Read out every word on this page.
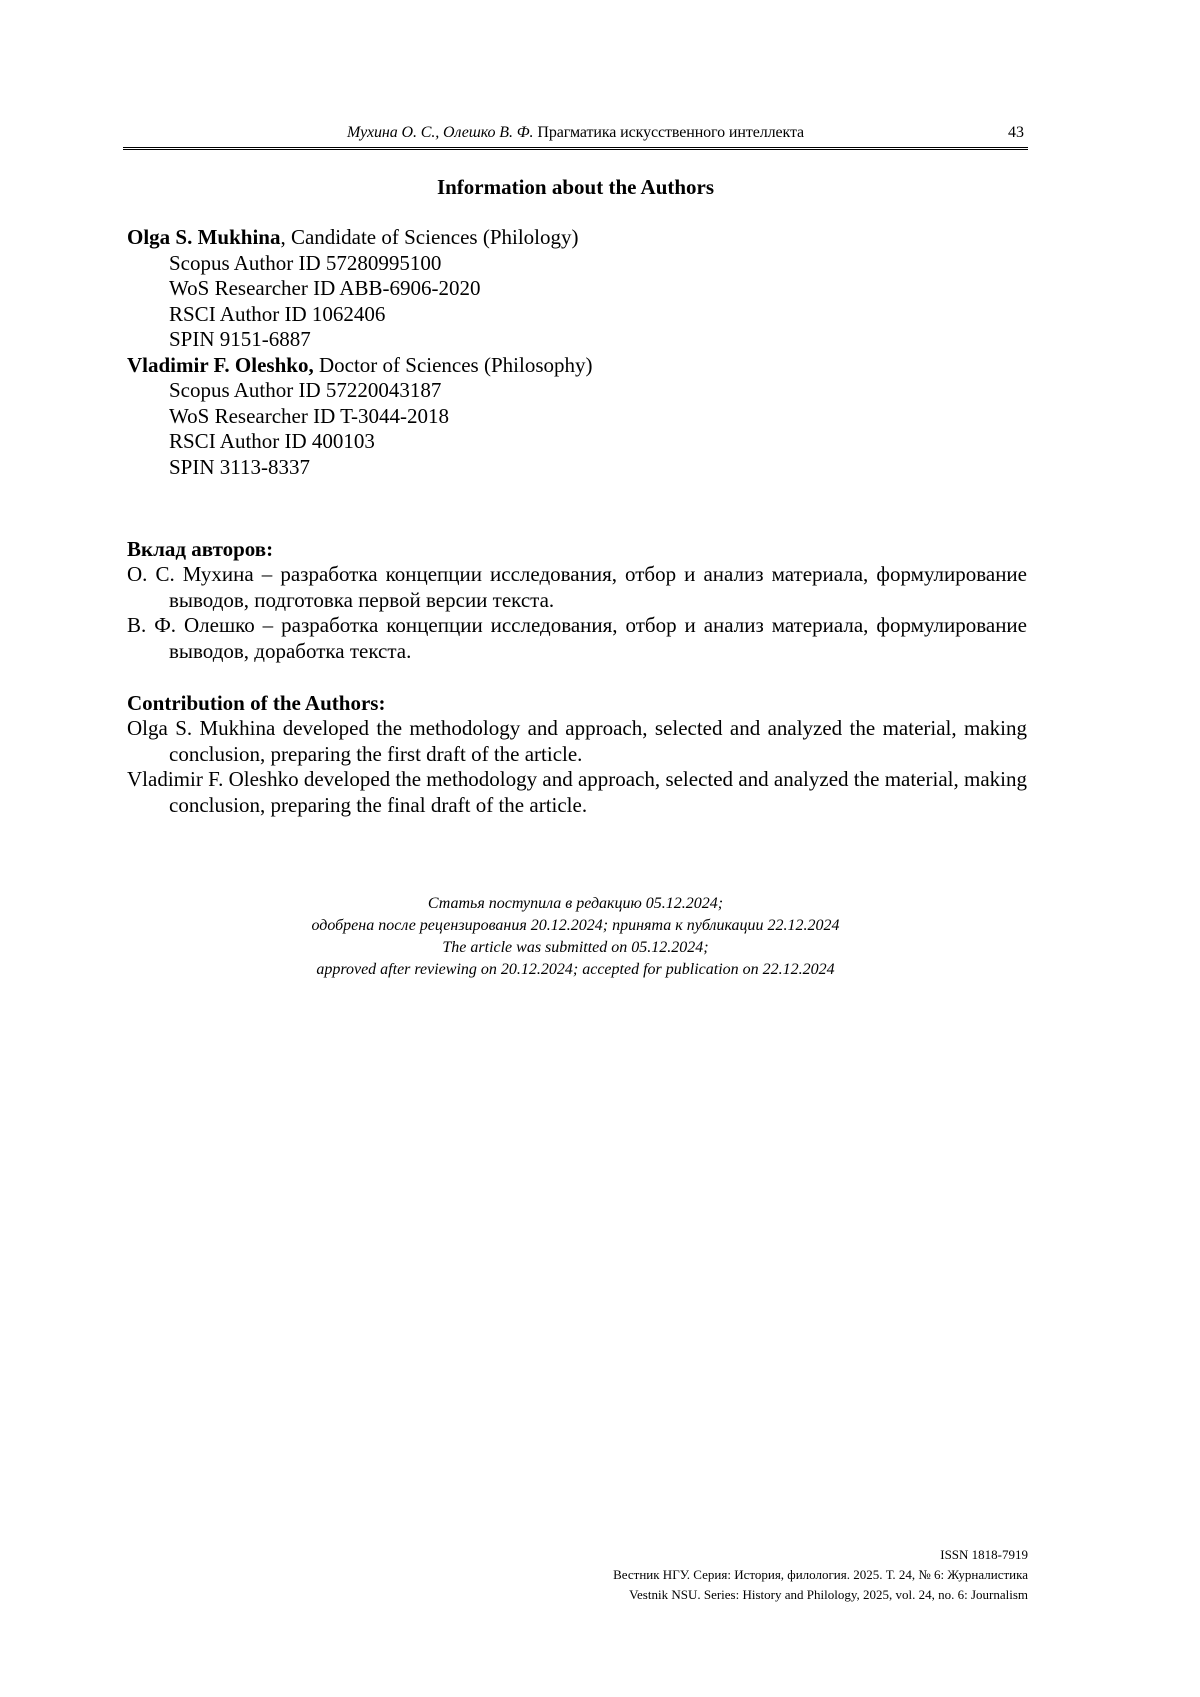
Мухина О. С., Олешко В. Ф. Прагматика искусственного интеллекта	43
Information about the Authors
Olga S. Mukhina, Candidate of Sciences (Philology)
Scopus Author ID 57280995100
WoS Researcher ID ABB-6906-2020
RSCI Author ID 1062406
SPIN 9151-6887
Vladimir F. Oleshko, Doctor of Sciences (Philosophy)
Scopus Author ID 57220043187
WoS Researcher ID T-3044-2018
RSCI Author ID 400103
SPIN 3113-8337
Вклад авторов:

О. С. Мухина – разработка концепции исследования, отбор и анализ материала, формулирование выводов, подготовка первой версии текста.

В. Ф. Олешко – разработка концепции исследования, отбор и анализ материала, формулирование выводов, доработка текста.

Contribution of the Authors:

Olga S. Mukhina developed the methodology and approach, selected and analyzed the material, making conclusion, preparing the first draft of the article.

Vladimir F. Oleshko developed the methodology and approach, selected and analyzed the material, making conclusion, preparing the final draft of the article.

Статья поступила в редакцию 05.12.2024;
одобрена после рецензирования 20.12.2024; принята к публикации 22.12.2024
The article was submitted on 05.12.2024;
approved after reviewing on 20.12.2024; accepted for publication on 22.12.2024
ISSN 1818-7919
Вестник НГУ. Серия: История, филология. 2025. Т. 24, № 6: Журналистика
Vestnik NSU. Series: History and Philology, 2025, vol. 24, no. 6: Journalism
